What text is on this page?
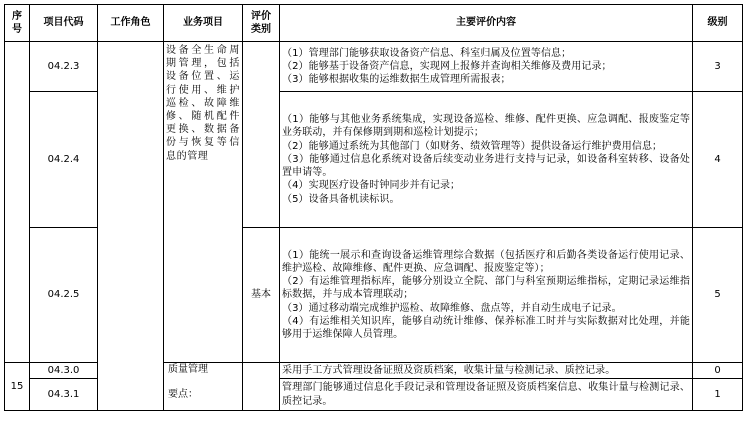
序
号	项目代码	工作角色	业务项目	评价
类别	主要评价内容	级别
	04.2.3		设备全生命周期管理，包括设备位置、运行使用、维护巡检、故障维修、随机配件更换、数据备份与恢复等信息的管理		（1）管理部门能够获取设备资产信息、科室归属及位置等信息；
（2）能够基于设备资产信息，实现网上报修并查询相关维修及费用记录；
（3）能够根据收集的运维数据生成管理所需报表；	3
	04.2.4				（1）能够与其他业务系统集成，实现设备巡检、维修、配件更换、应急调配、报废鉴定等业务联动，并有保修期到期和巡检计划提示；
（2）能够通过系统为其他部门（如财务、绩效管理等）提供设备运行维护费用信息；
（3）能够通过信息化系统对设备后续变动业务进行支持与记录，如设备科室转移、设备处置申请等。
（4）实现医疗设备时钟同步并有记录；
（5）设备具备机读标识。	4
	04.2.5			基本	（1）能统一展示和查询设备运维管理综合数据（包括医疗和后勤各类设备运行使用记录、维护巡检、故障维修、配件更换、应急调配、报废鉴定等）；
（2）有运维管理指标库，能够分别设立全院、部门与科室预期运维指标，定期记录运维指标数据，并与成本管理联动；
（3）通过移动端完成维护巡检、故障维修、盘点等，并自动生成电子记录。
（4）有运维相关知识库，能够自动统计维修、保养标准工时并与实际数据对比处理，并能够用于运维保障人员管理。	5
15	04.3.0		质量管理
要点：		采用手工方式管理设备证照及资质档案，收集计量与检测记录、质控记录。	0
	04.3.1				管理部门能够通过信息化手段记录和管理设备证照及资质档案信息、收集计量与检测记录、质控记录。	1
